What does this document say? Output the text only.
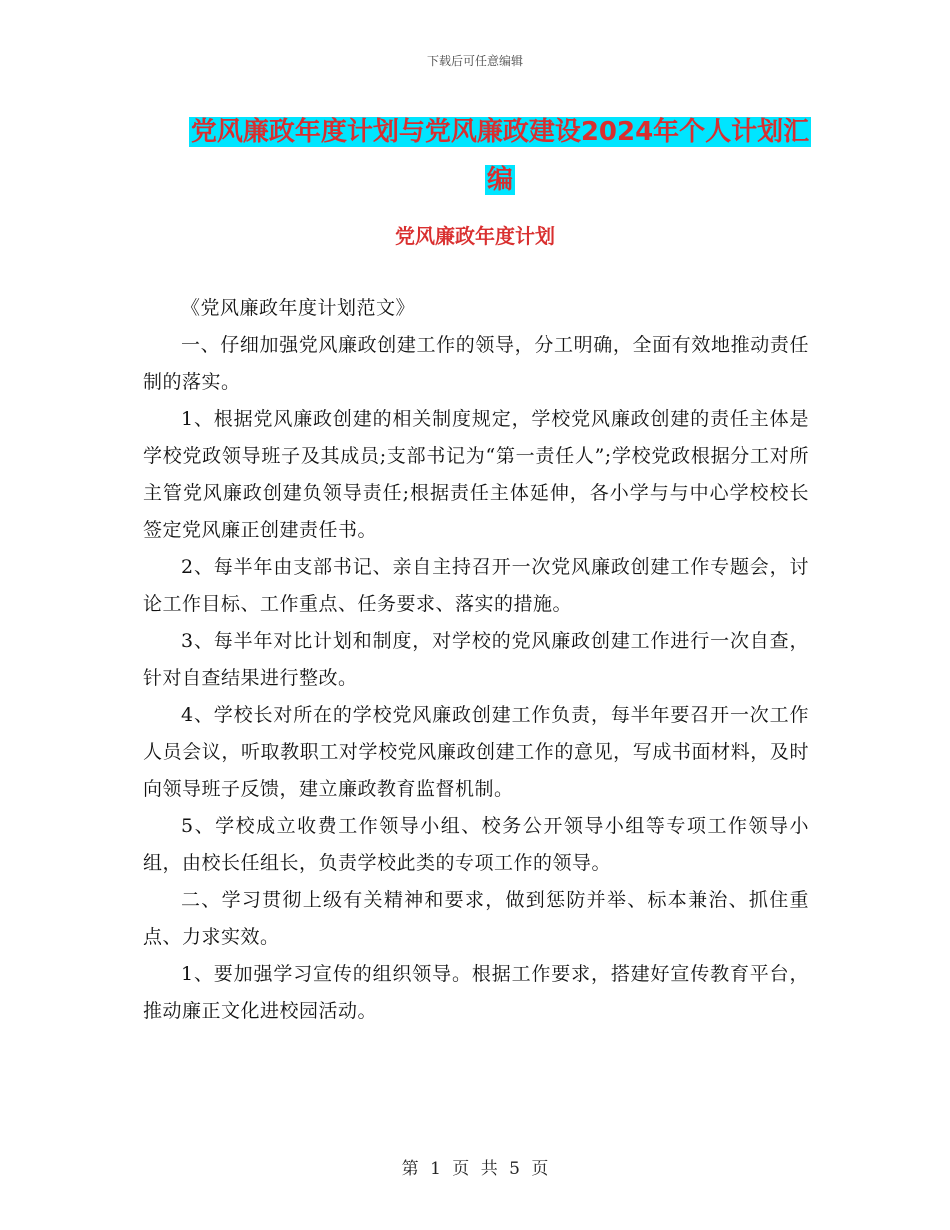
下载后可任意编辑
党风廉政年度计划与党风廉政建设2024年个人计划汇
编
党风廉政年度计划

《党风廉政年度计划范文》

一、仔细加强党风廉政创建工作的领导，分工明确，全面有效地推动责任制的落实。

1、根据党风廉政创建的相关制度规定，学校党风廉政创建的责任主体是学校党政领导班子及其成员;支部书记为“第一责任人”;学校党政根据分工对所主管党风廉政创建负领导责任;根据责任主体延伸，各小学与与中心学校校长签定党风廉正创建责任书。

2、每半年由支部书记、亲自主持召开一次党风廉政创建工作专题会，讨论工作目标、工作重点、任务要求、落实的措施。

3、每半年对比计划和制度，对学校的党风廉政创建工作进行一次自查，针对自查结果进行整改。

4、学校长对所在的学校党风廉政创建工作负责，每半年要召开一次工作人员会议，听取教职工对学校党风廉政创建工作的意见，写成书面材料，及时向领导班子反馈，建立廉政教育监督机制。

5、学校成立收费工作领导小组、校务公开领导小组等专项工作领导小组，由校长任组长，负责学校此类的专项工作的领导。

二、学习贯彻上级有关精神和要求，做到惩防并举、标本兼治、抓住重点、力求实效。

1、要加强学习宣传的组织领导。根据工作要求，搭建好宣传教育平台，推动廉正文化进校园活动。

第 1 页 共 5 页
